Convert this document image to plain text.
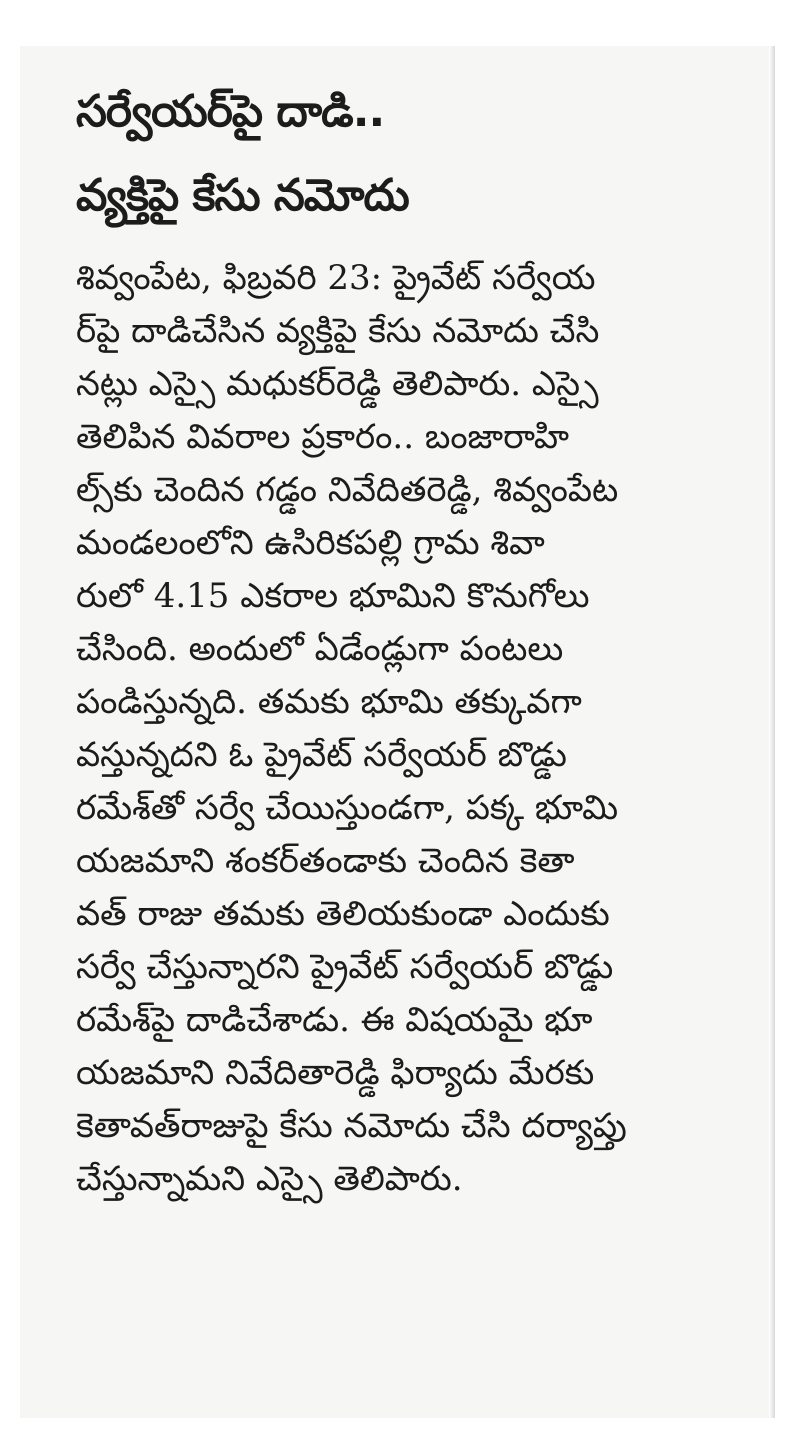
సర్వేయర్‌పై దాడి..
వ్యక్తిపై కేసు నమోదు

శివ్వంపేట, ఫిబ్రవరి 23: ప్రైవేట్ సర్వేయ
ర్‌పై దాడిచేసిన వ్యక్తిపై కేసు నమోదు చేసి
నట్లు ఎస్సై మధుకర్‌రెడ్డి తెలిపారు. ఎస్సై
తెలిపిన వివరాల ప్రకారం.. బంజారాహి
ల్స్‌కు చెందిన గడ్డం నివేదితరెడ్డి, శివ్వంపేట
మండలంలోని ఉసిరికపల్లి గ్రామ శివా
రులో 4.15 ఎకరాల భూమిని కొనుగోలు
చేసింది. అందులో ఏడేండ్లుగా పంటలు
పండిస్తున్నది. తమకు భూమి తక్కువగా
వస్తున్నదని ఓ ప్రైవేట్ సర్వేయర్ బొడ్డు
రమేశ్‌తో సర్వే చేయిస్తుండగా, పక్క భూమి
యజమాని శంకర్‌తండాకు చెందిన కెతా
వత్ రాజు తమకు తెలియకుండా ఎందుకు
సర్వే చేస్తున్నారని ప్రైవేట్ సర్వేయర్ బొడ్డు
రమేశ్‌పై దాడిచేశాడు. ఈ విషయమై భూ
యజమాని నివేదితారెడ్డి ఫిర్యాదు మేరకు
కెతావత్‌రాజుపై కేసు నమోదు చేసి దర్యాప్తు
చేస్తున్నామని ఎస్సై తెలిపారు.
